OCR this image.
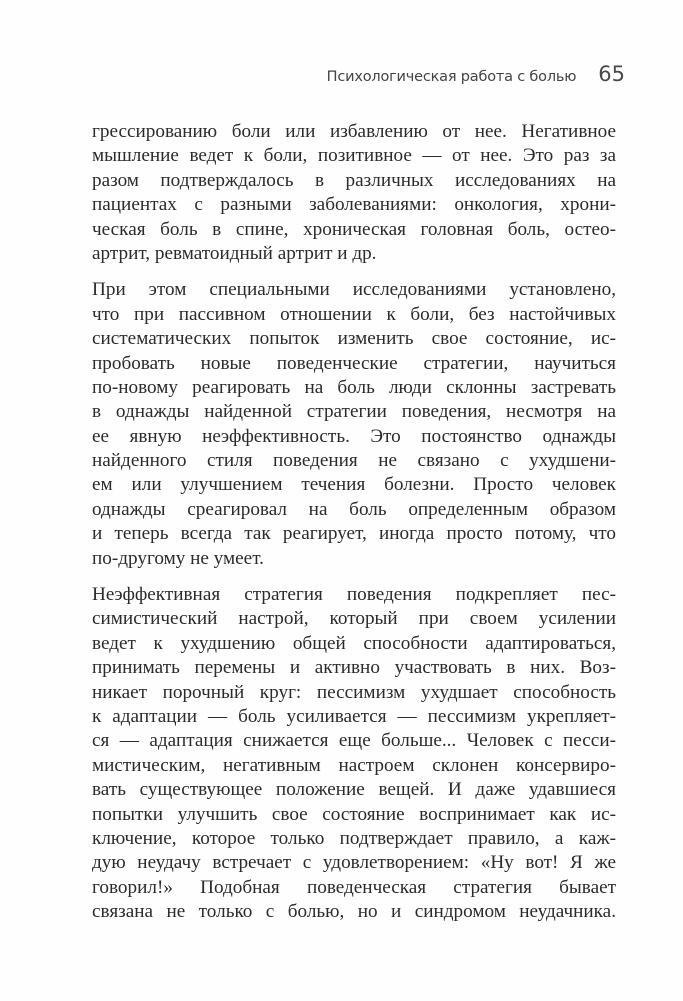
Психологическая работа с болью 65

грессированию боли или избавлению от нее. Негативное
мышление ведет к боли, позитивное — от нее. Это раз за
разом подтверждалось в различных исследованиях на
пациентах с разными заболеваниями: онкология, хрони-
ческая боль в спине, хроническая головная боль, остео-
артрит, ревматоидный артрит и др.

При этом специальными исследованиями установлено,
что при пассивном отношении к боли, без настойчивых
систематических попыток изменить свое состояние, ис-
пробовать новые поведенческие стратегии, научиться
по-новому реагировать на боль люди склонны застревать
в однажды найденной стратегии поведения, несмотря на
ее явную неэффективность. Это постоянство однажды
найденного стиля поведения не связано с ухудшени-
ем или улучшением течения болезни. Просто человек
однажды среагировал на боль определенным образом
и теперь всегда так реагирует, иногда просто потому, что
по-другому не умеет.

Неэффективная стратегия поведения подкрепляет пес-
симистический настрой, который при своем усилении
ведет к ухудшению общей способности адаптироваться,
принимать перемены и активно участвовать в них. Воз-
никает порочный круг: пессимизм ухудшает способность
к адаптации — боль усиливается — пессимизм укрепляет-
ся — адаптация снижается еще больше... Человек с песси-
мистическим, негативным настроем склонен консервиро-
вать существующее положение вещей. И даже удавшиеся
попытки улучшить свое состояние воспринимает как ис-
ключение, которое только подтверждает правило, а каж-
дую неудачу встречает с удовлетворением: «Ну вот! Я же
говорил!» Подобная поведенческая стратегия бывает
связана не только с болью, но и синдромом неудачника.
